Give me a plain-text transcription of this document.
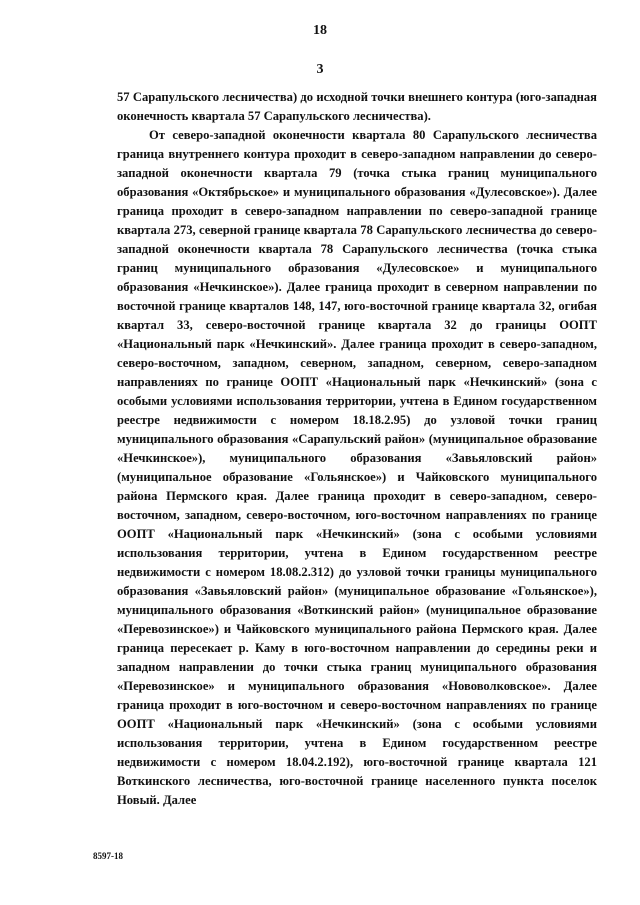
18
3

57 Сарапульского лесничества) до исходной точки внешнего контура (юго-западная оконечность квартала 57 Сарапульского лесничества).

От северо-западной оконечности квартала 80 Сарапульского лесничества граница внутреннего контура проходит в северо-западном направлении до северо-западной оконечности квартала 79 (точка стыка границ муниципального образования «Октябрьское» и муниципального образования «Дулесовское»). Далее граница проходит в северо-западном направлении по северо-западной границе квартала 273, северной границе квартала 78 Сарапульского лесничества до северо-западной оконечности квартала 78 Сарапульского лесничества (точка стыка границ муниципального образования «Дулесовское» и муниципального образования «Нечкинское»). Далее граница проходит в северном направлении по восточной границе кварталов 148, 147, юго-восточной границе квартала 32, огибая квартал 33, северо-восточной границе квартала 32 до границы ООПТ «Национальный парк «Нечкинский». Далее граница проходит в северо-западном, северо-восточном, западном, северном, западном, северном, северо-западном направлениях по границе ООПТ «Национальный парк «Нечкинский» (зона с особыми условиями использования территории, учтена в Едином государственном реестре недвижимости с номером 18.18.2.95) до узловой точки границ муниципального образования «Сарапульский район» (муниципальное образование «Нечкинское»), муниципального образования «Завьяловский район» (муниципальное образование «Гольянское») и Чайковского муниципального района Пермского края. Далее граница проходит в северо-западном, северо-восточном, западном, северо-восточном, юго-восточном направлениях по границе ООПТ «Национальный парк «Нечкинский» (зона с особыми условиями использования территории, учтена в Едином государственном реестре недвижимости с номером 18.08.2.312) до узловой точки границы муниципального образования «Завьяловский район» (муниципальное образование «Гольянское»), муниципального образования «Воткинский район» (муниципальное образование «Перевозинское») и Чайковского муниципального района Пермского края. Далее граница пересекает р. Каму в юго-восточном направлении до середины реки и западном направлении до точки стыка границ муниципального образования «Перевозинское» и муниципального образования «Нововолковское». Далее граница проходит в юго-восточном и северо-восточном направлениях по границе ООПТ «Национальный парк «Нечкинский» (зона с особыми условиями использования территории, учтена в Едином государственном реестре недвижимости с номером 18.04.2.192), юго-восточной границе квартала 121 Воткинского лесничества, юго-восточной границе населенного пункта поселок Новый. Далее

8597-18
